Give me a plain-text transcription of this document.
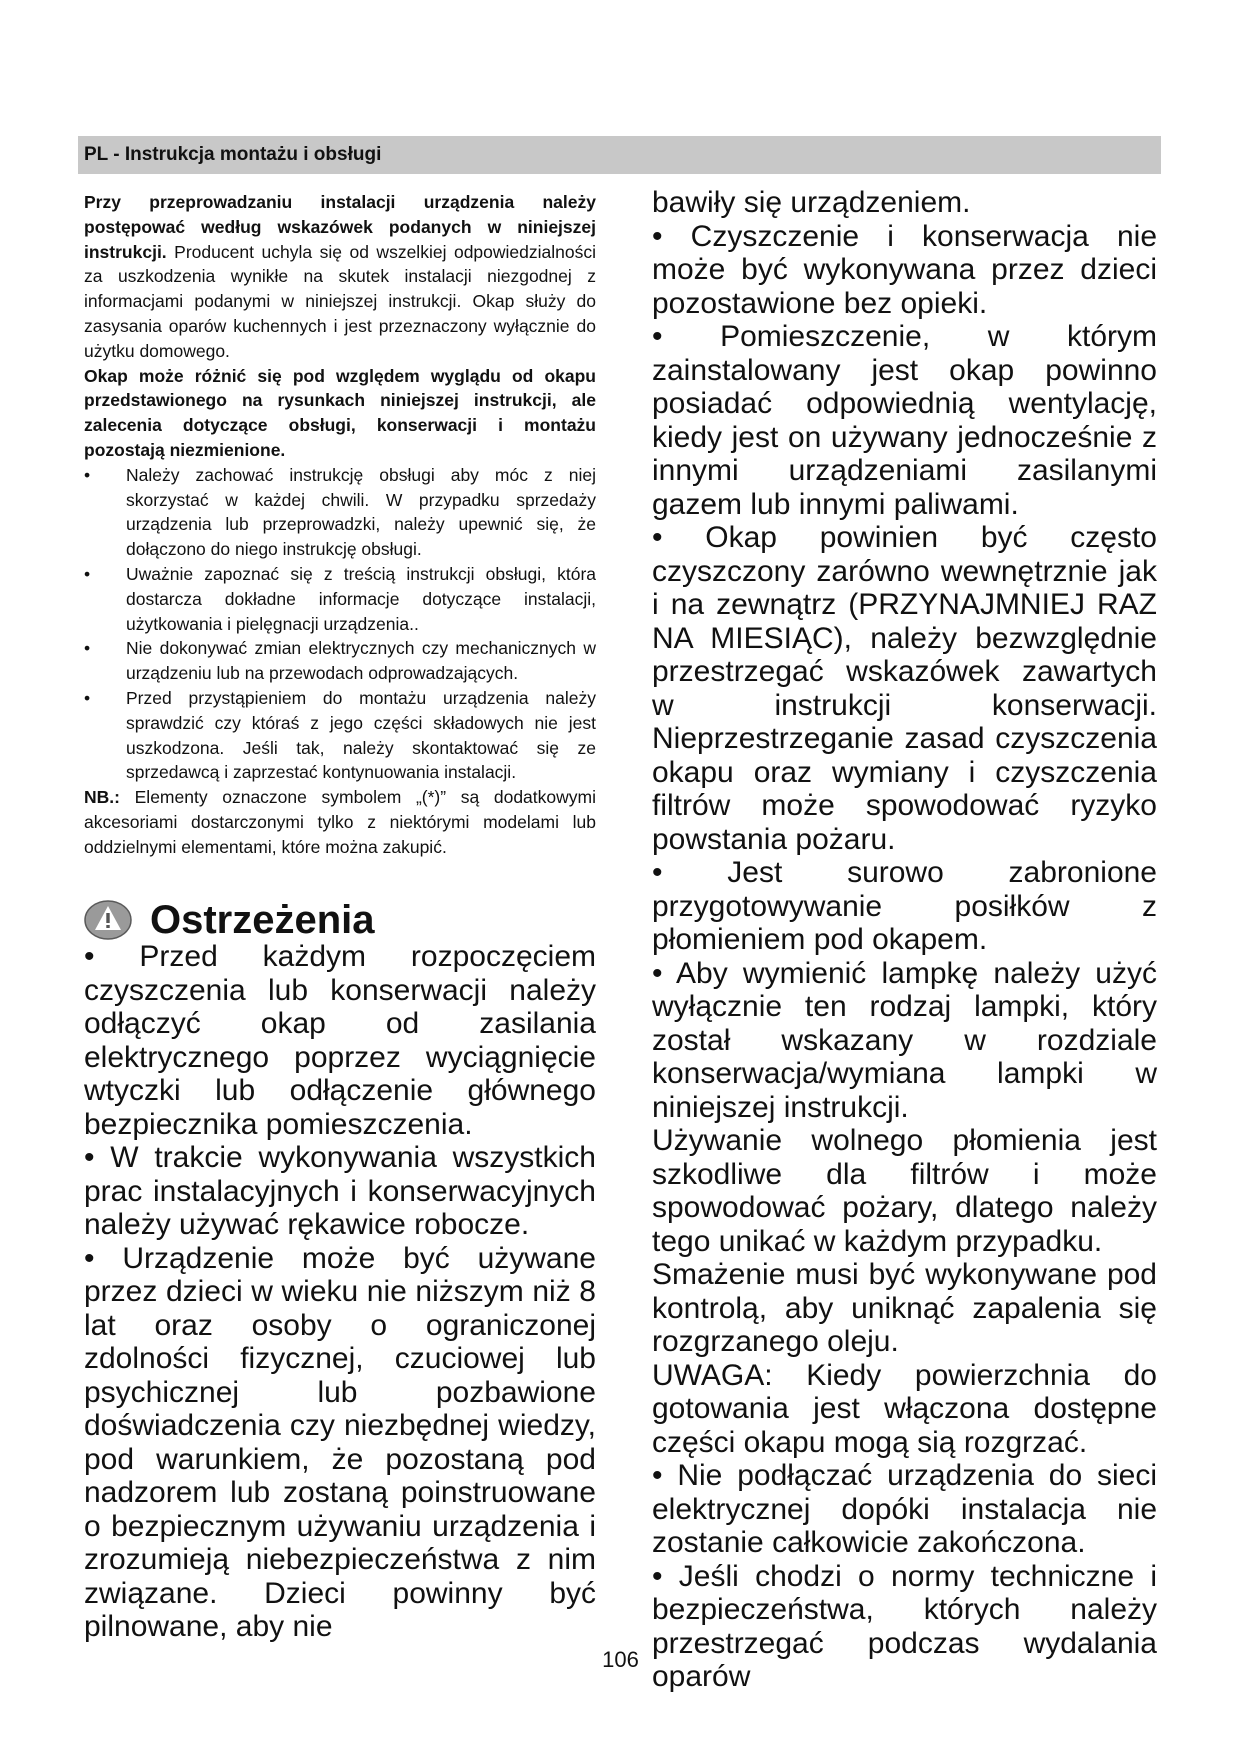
PL - Instrukcja montażu i obsługi

Przy przeprowadzaniu instalacji urządzenia należy postępować według wskazówek podanych w niniejszej instrukcji. Producent uchyla się od wszelkiej odpowiedzialności za uszkodzenia wynikłe na skutek instalacji niezgodnej z informacjami podanymi w niniejszej instrukcji. Okap służy do zasysania oparów kuchennych i jest przeznaczony wyłącznie do użytku domowego.

Okap może różnić się pod względem wyglądu od okapu przedstawionego na rysunkach niniejszej instrukcji, ale zalecenia dotyczące obsługi, konserwacji i montażu pozostają niezmienione.

• Należy zachować instrukcję obsługi aby móc z niej skorzystać w każdej chwili. W przypadku sprzedaży urządzenia lub przeprowadzki, należy upewnić się, że dołączono do niego instrukcję obsługi.
• Uważnie zapoznać się z treścią instrukcji obsługi, która dostarcza dokładne informacje dotyczące instalacji, użytkowania i pielęgnacji urządzenia..
• Nie dokonywać zmian elektrycznych czy mechanicznych w urządzeniu lub na przewodach odprowadzających.
• Przed przystąpieniem do montażu urządzenia należy sprawdzić czy któraś z jego części składowych nie jest uszkodzona. Jeśli tak, należy skontaktować się ze sprzedawcą i zaprzestać kontynuowania instalacji.

NB.: Elementy oznaczone symbolem „(*)” są dodatkowymi akcesoriami dostarczonymi tylko z niektórymi modelami lub oddzielnymi elementami, które można zakupić.

Ostrzeżenia

• Przed każdym rozpoczęciem czyszczenia lub konserwacji należy odłączyć okap od zasilania elektrycznego poprzez wyciągnięcie wtyczki lub odłączenie głównego bezpiecznika pomieszczenia.

• W trakcie wykonywania wszystkich prac instalacyjnych i konserwacyjnych należy używać rękawice robocze.

• Urządzenie może być używane przez dzieci w wieku nie niższym niż 8 lat oraz osoby o ograniczonej zdolności fizycznej, czuciowej lub psychicznej lub pozbawione doświadczenia czy niezbędnej wiedzy, pod warunkiem, że pozostaną pod nadzorem lub zostaną poinstruowane o bezpiecznym używaniu urządzenia i zrozumieją niebezpieczeństwa z nim związane. Dzieci powinny być pilnowane, aby nie

bawiły się urządzeniem.

• Czyszczenie i konserwacja nie może być wykonywana przez dzieci pozostawione bez opieki.

• Pomieszczenie, w którym zainstalowany jest okap powinno posiadać odpowiednią wentylację, kiedy jest on używany jednocześnie z innymi urządzeniami zasilanymi gazem lub innymi paliwami.

• Okap powinien być często czyszczony zarówno wewnętrznie jak i na zewnątrz (PRZYNAJMNIEJ RAZ NA MIESIĄC), należy bezwzględnie przestrzegać wskazówek zawartych w instrukcji konserwacji. Nieprzestrzeganie zasad czyszczenia okapu oraz wymiany i czyszczenia filtrów może spowodować ryzyko powstania pożaru.

• Jest surowo zabronione przygotowywanie posiłków z płomieniem pod okapem.

• Aby wymienić lampkę należy użyć wyłącznie ten rodzaj lampki, który został wskazany w rozdziale konserwacja/wymiana lampki w niniejszej instrukcji.

Używanie wolnego płomienia jest szkodliwe dla filtrów i może spowodować pożary, dlatego należy tego unikać w każdym przypadku.

Smażenie musi być wykonywane pod kontrolą, aby uniknąć zapalenia się rozgrzanego oleju.

UWAGA: Kiedy powierzchnia do gotowania jest włączona dostępne części okapu mogą sią rozgrzać.

• Nie podłączać urządzenia do sieci elektrycznej dopóki instalacja nie zostanie całkowicie zakończona.

• Jeśli chodzi o normy techniczne i bezpieczeństwa, których należy przestrzegać podczas wydalania oparów

106
